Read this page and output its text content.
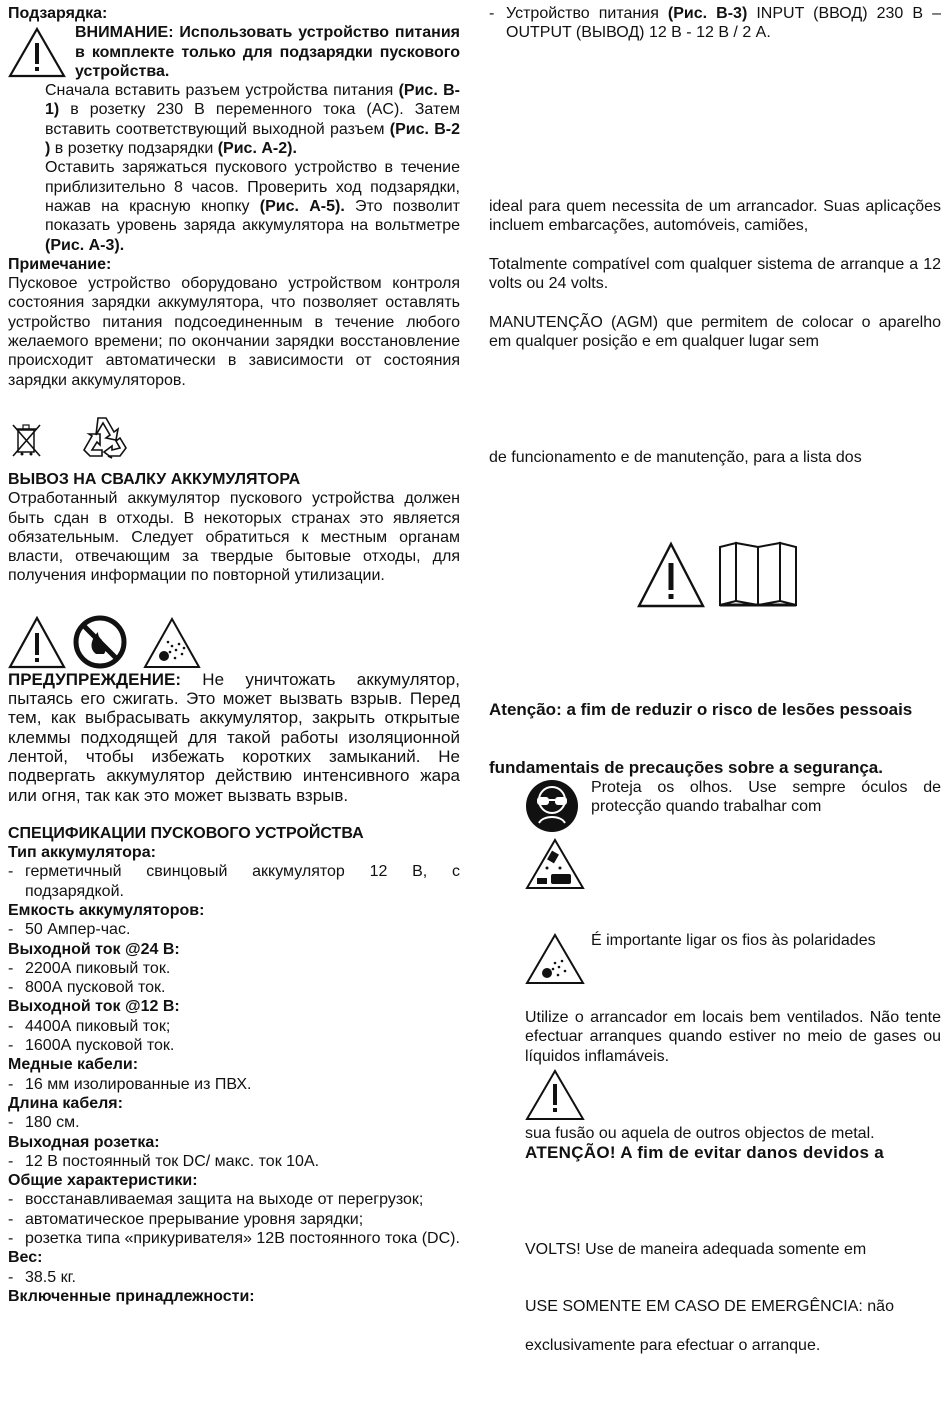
Подзарядка:

ВНИМАНИЕ: Использовать устройство питания в комплекте только для подзарядки пускового устройства.

Сначала вставить разъем устройства питания (Рис. B-1) в розетку 230 В переменного тока (AC). Затем вставить соответствующий выходной разъем (Рис. B-2 ) в розетку подзарядки (Рис. A-2).

Оставить заряжаться пускового устройство в течение приблизительно 8 часов. Проверить ход подзарядки, нажав на красную кнопку (Рис. A-5). Это позволит показать уровень заряда аккумулятора на вольтметре (Рис. A-3).

Примечание:

Пусковое устройство оборудовано устройством контроля состояния зарядки аккумулятора, что позволяет оставлять устройство питания подсоединенным в течение любого желаемого времени; по окончании зарядки восстановление происходит автоматически в зависимости от состояния зарядки аккумуляторов.

ВЫВОЗ НА СВАЛКУ АККУМУЛЯТОРА

Отработанный аккумулятор пускового устройства должен быть сдан в отходы. В некоторых странах это является обязательным. Следует обратиться к местным органам власти, отвечающим за твердые бытовые отходы, для получения информации по повторной утилизации.

ПРЕДУПРЕЖДЕНИЕ: Не уничтожать аккумулятор, пытаясь его сжигать. Это может вызвать взрыв. Перед тем, как выбрасывать аккумулятор, закрыть открытые клеммы подходящей для такой работы изоляционной лентой, чтобы избежать коротких замыканий. Не подвергать аккумулятор действию интенсивного жара или огня, так как это может вызвать взрыв.

СПЕЦИФИКАЦИИ ПУСКОВОГО УСТРОЙСТВА

Тип аккумулятора:

- герметичный свинцовый аккумулятор 12 В, с подзарядкой.

Емкость аккумуляторов:

- 50 Ампер-час.

Выходной ток @24 В:

- 2200А пиковый ток.

- 800А пусковой ток.

Выходной ток @12 В:

- 4400А пиковый ток;

- 1600А пусковой ток.

Медные кабели:

- 16 мм изолированные из ПВХ.

Длина кабеля:

- 180 см.

Выходная розетка:

- 12 В постоянный ток DC/ макс. ток 10А.

Общие характеристики:

- восстанавливаемая защита на выходе от перегрузок;

- автоматическое прерывание уровня зарядки;

- розетка типа «прикуривателя» 12В постоянного тока (DC).

Вес:

- 38.5 кг.

Включенные принадлежности:

- Устройство питания (Рис. B-3) INPUT (ВВОД) 230 В – OUTPUT (ВЫВОД) 12 В - 12 В / 2 А.

ideal para quem necessita de um arrancador. Suas aplicações incluem embarcações, automóveis, camiões,

Totalmente compatível com qualquer sistema de arranque a 12 volts ou 24 volts.

MANUTENÇÃO (AGM) que permitem de colocar o aparelho em qualquer posição e em qualquer lugar sem

de funcionamento e de manutenção, para a lista dos

Atenção: a fim de reduzir o risco de lesões pessoais

fundamentais de precauções sobre a segurança.

Proteja os olhos. Use sempre óculos de protecção quando trabalhar com

É importante ligar os fios às polaridades

Utilize o arrancador em locais bem ventilados. Não tente efectuar arranques quando estiver no meio de gases ou líquidos inflamáveis.

sua fusão ou aquela de outros objectos de metal.

ATENÇÃO! A fim de evitar danos devidos a

VOLTS! Use de maneira adequada somente em

USE SOMENTE EM CASO DE EMERGÊNCIA: não

exclusivamente para efectuar o arranque.
